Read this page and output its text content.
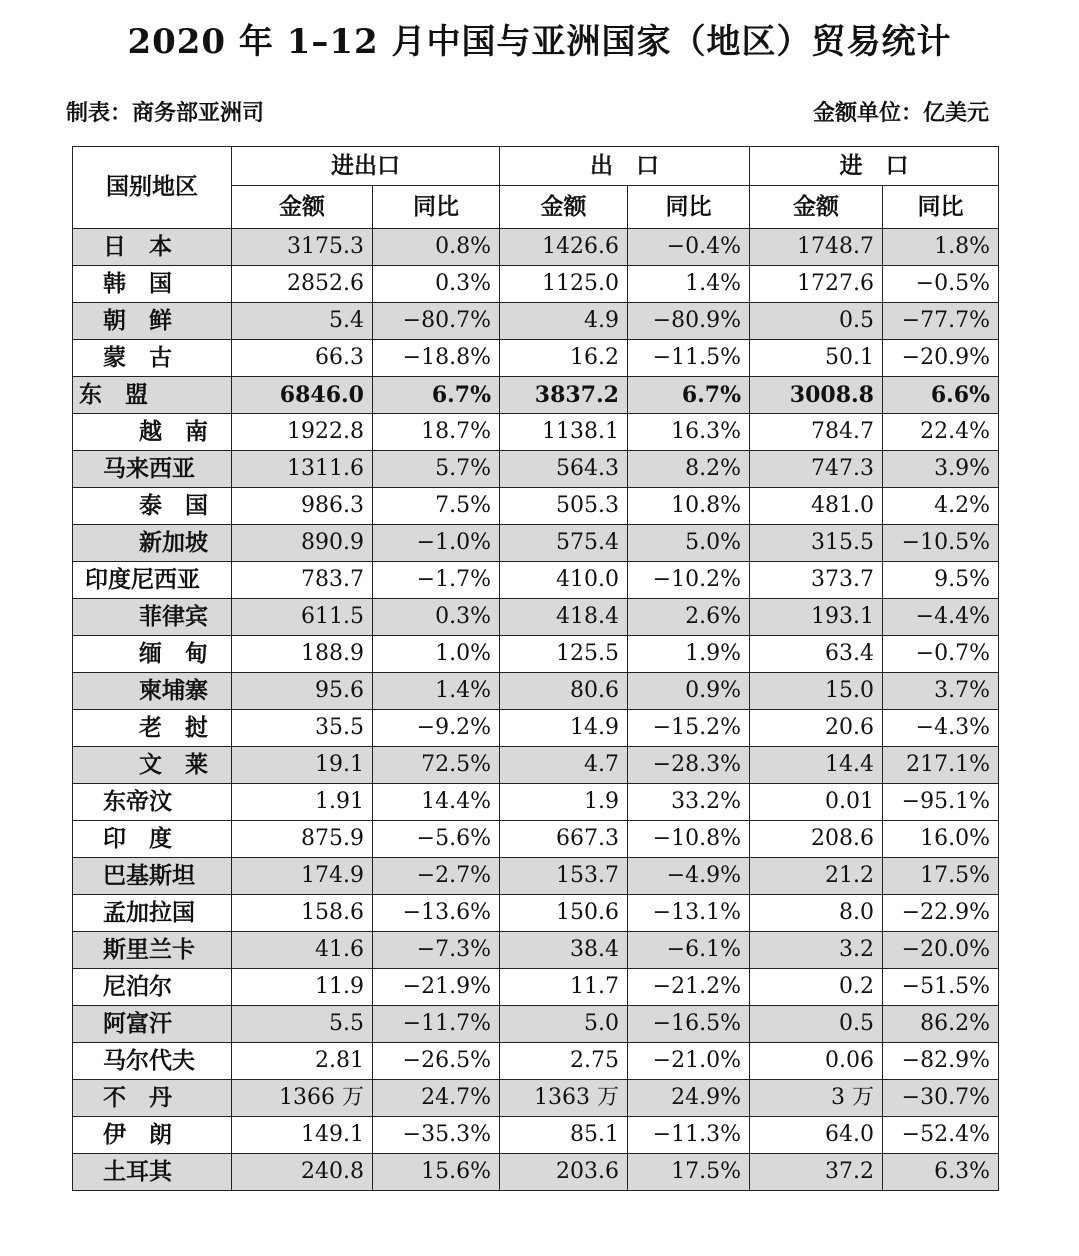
2020 年 1–12 月中国与亚洲国家（地区）贸易统计
制表：商务部亚洲司	金额单位：亿美元
国别地区	进出口		出　口		进　口	
	金额	同比	金额	同比	金额	同比
日　本	3175.3	0.8%	1426.6	−0.4%	1748.7	1.8%
韩　国	2852.6	0.3%	1125.0	1.4%	1727.6	−0.5%
朝　鲜	5.4	−80.7%	4.9	−80.9%	0.5	−77.7%
蒙　古	66.3	−18.8%	16.2	−11.5%	50.1	−20.9%
东　盟	6846.0	6.7%	3837.2	6.7%	3008.8	6.6%
越　南	1922.8	18.7%	1138.1	16.3%	784.7	22.4%
马来西亚	1311.6	5.7%	564.3	8.2%	747.3	3.9%
泰　国	986.3	7.5%	505.3	10.8%	481.0	4.2%
新加坡	890.9	−1.0%	575.4	5.0%	315.5	−10.5%
印度尼西亚	783.7	−1.7%	410.0	−10.2%	373.7	9.5%
菲律宾	611.5	0.3%	418.4	2.6%	193.1	−4.4%
缅　甸	188.9	1.0%	125.5	1.9%	63.4	−0.7%
柬埔寨	95.6	1.4%	80.6	0.9%	15.0	3.7%
老　挝	35.5	−9.2%	14.9	−15.2%	20.6	−4.3%
文　莱	19.1	72.5%	4.7	−28.3%	14.4	217.1%
东帝汶	1.91	14.4%	1.9	33.2%	0.01	−95.1%
印　度	875.9	−5.6%	667.3	−10.8%	208.6	16.0%
巴基斯坦	174.9	−2.7%	153.7	−4.9%	21.2	17.5%
孟加拉国	158.6	−13.6%	150.6	−13.1%	8.0	−22.9%
斯里兰卡	41.6	−7.3%	38.4	−6.1%	3.2	−20.0%
尼泊尔	11.9	−21.9%	11.7	−21.2%	0.2	−51.5%
阿富汗	5.5	−11.7%	5.0	−16.5%	0.5	86.2%
马尔代夫	2.81	−26.5%	2.75	−21.0%	0.06	−82.9%
不　丹	1366 万	24.7%	1363 万	24.9%	3 万	−30.7%
伊　朗	149.1	−35.3%	85.1	−11.3%	64.0	−52.4%
土耳其	240.8	15.6%	203.6	17.5%	37.2	6.3%
